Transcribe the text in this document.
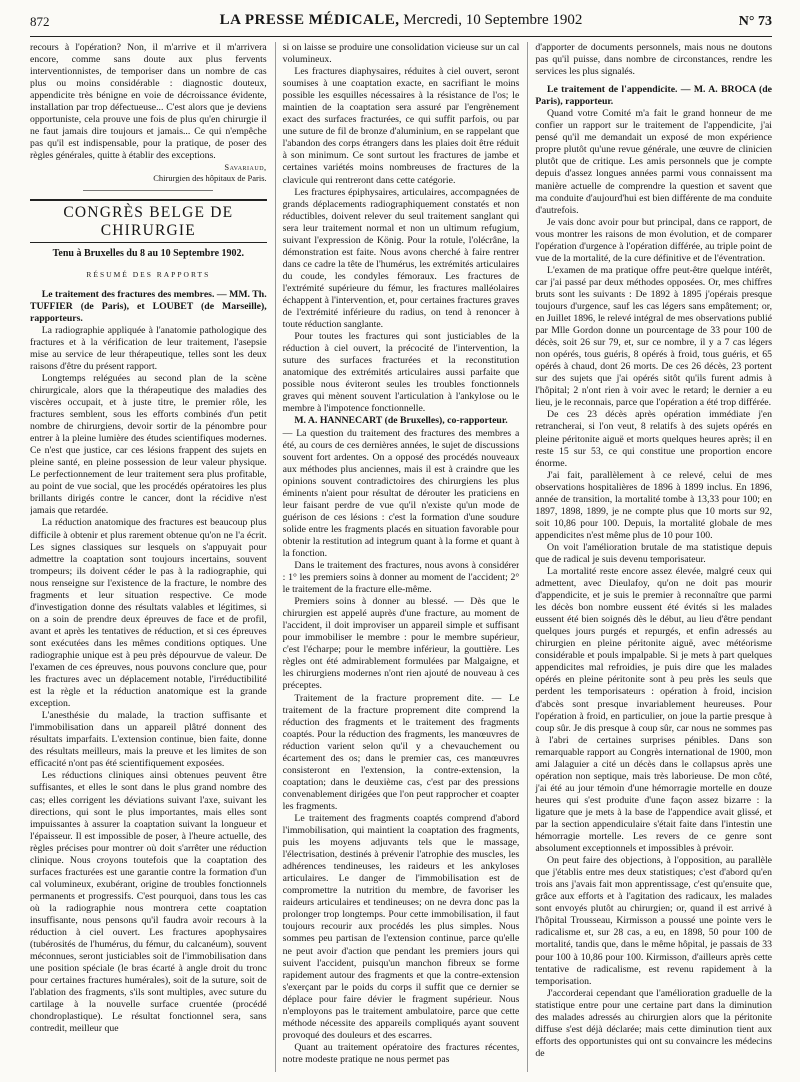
872	LA PRESSE MÉDICALE, Mercredi, 10 Septembre 1902	N° 73

recours à l'opération? Non, il m'arrive et il m'arrivera encore, comme sans doute aux plus fervents interventionnistes, de temporiser dans un nombre de cas plus ou moins considérable : diagnostic douteux, appendicite très bénigne en voie de décroissance évidente, installation par trop défectueuse... C'est alors que je deviens opportuniste, cela prouve une fois de plus qu'en chirurgie il ne faut jamais dire toujours et jamais... Ce qui n'empêche pas qu'il est indispensable, pour la pratique, de poser des règles générales, quitte à établir des exceptions.

Savariaud,
Chirurgien des hôpitaux de Paris.
CONGRÈS BELGE DE CHIRURGIE
Tenu à Bruxelles du 8 au 10 Septembre 1902.
RÉSUMÉ DES RAPPORTS

Le traitement des fractures des membres. — MM. Th. TUFFIER (de Paris), et LOUBET (de Marseille), rapporteurs.

La radiographie appliquée à l'anatomie pathologique des fractures et à la vérification de leur traitement, l'asepsie mise au service de leur thérapeutique, telles sont les deux raisons d'être du présent rapport.

Longtemps reléguées au second plan de la scène chirurgicale, alors que la thérapeutique des maladies des viscères occupait, et à juste titre, le premier rôle, les fractures semblent, sous les efforts combinés d'un petit nombre de chirurgiens, devoir sortir de la pénombre pour entrer à la pleine lumière des études scientifiques modernes. Ce n'est que justice, car ces lésions frappent des sujets en pleine santé, en pleine possession de leur valeur physique. Le perfectionnement de leur traitement sera plus profitable, au point de vue social, que les procédés opératoires les plus brillants dirigés contre le cancer, dont la récidive n'est jamais que retardée.

La réduction anatomique des fractures est beaucoup plus difficile à obtenir et plus rarement obtenue qu'on ne l'a écrit. Les signes classiques sur lesquels on s'appuyait pour admettre la coaptation sont toujours incertains, souvent trompeurs; ils doivent céder le pas à la radiographie, qui nous renseigne sur l'existence de la fracture, le nombre des fragments et leur situation respective. Ce mode d'investigation donne des résultats valables et légitimes, si on a soin de prendre deux épreuves de face et de profil, avant et après les tentatives de réduction, et si ces épreuves sont exécutées dans les mêmes conditions optiques. Une radiographie unique est à peu près dépourvue de valeur. De l'examen de ces épreuves, nous pouvons conclure que, pour les fractures avec un déplacement notable, l'irréductibilité est la règle et la réduction anatomique est la grande exception.

L'anesthésie du malade, la traction suffisante et l'immobilisation dans un appareil plâtré donnent des résultats imparfaits. L'extension continue, bien faite, donne des résultats meilleurs, mais la preuve et les limites de son efficacité n'ont pas été scientifiquement exposées.

Les réductions cliniques ainsi obtenues peuvent être suffisantes, et elles le sont dans le plus grand nombre des cas; elles corrigent les déviations suivant l'axe, suivant les directions, qui sont le plus importantes, mais elles sont impuissantes à assurer la coaptation suivant la longueur et l'épaisseur. Il est impossible de poser, à l'heure actuelle, des règles précises pour montrer où doit s'arrêter une réduction clinique. Nous croyons toutefois que la coaptation des surfaces fracturées est une garantie contre la formation d'un cal volumineux, exubérant, origine de troubles fonctionnels permanents et progressifs. C'est pourquoi, dans tous les cas où la radiographie nous montrera cette coaptation insuffisante, nous pensons qu'il faudra avoir recours à la réduction à ciel ouvert. Les fractures apophysaires (tubérosités de l'humérus, du fémur, du calcanéum), souvent méconnues, seront justiciables soit de l'immobilisation dans une position spéciale (le bras écarté à angle droit du tronc pour certaines fractures humérales), soit de la suture, soit de l'ablation des fragments, s'ils sont multiples, avec suture du cartilage à la nouvelle surface cruentée (procédé chondroplastique). Le résultat fonctionnel sera, sans contredit, meilleur que

si on laisse se produire une consolidation vicieuse sur un cal volumineux.

Les fractures diaphysaires, réduites à ciel ouvert, seront soumises à une coaptation exacte, en sacrifiant le moins possible les esquilles nécessaires à la résistance de l'os; le maintien de la coaptation sera assuré par l'engrènement exact des surfaces fracturées, ce qui suffit parfois, ou par une suture de fil de bronze d'aluminium, en se rappelant que l'abandon des corps étrangers dans les plaies doit être réduit à son minimum. Ce sont surtout les fractures de jambe et certaines variétés moins nombreuses de fractures de la clavicule qui rentreront dans cette catégorie.

Les fractures épiphysaires, articulaires, accompagnées de grands déplacements radiographiquement constatés et non réductibles, doivent relever du seul traitement sanglant qui sera leur traitement normal et non un ultimum refugium, suivant l'expression de König. Pour la rotule, l'olécrâne, la démonstration est faite. Nous avons cherché à faire rentrer dans ce cadre la tête de l'humérus, les extrémités articulaires du coude, les condyles fémoraux. Les fractures de l'extrémité supérieure du fémur, les fractures malléolaires échappent à l'intervention, et, pour certaines fractures graves de l'extrémité inférieure du radius, on tend à renoncer à toute réduction sanglante.

Pour toutes les fractures qui sont justiciables de la réduction à ciel ouvert, la précocité de l'intervention, la suture des surfaces fracturées et la reconstitution anatomique des extrémités articulaires aussi parfaite que possible nous éviteront seules les troubles fonctionnels graves qui mènent souvent l'articulation à l'ankylose ou le membre à l'impotence fonctionnelle.

M. A. HANNECART (de Bruxelles), co-rapporteur.

— La question du traitement des fractures des membres a été, au cours de ces dernières années, le sujet de discussions souvent fort ardentes. On a opposé des procédés nouveaux aux méthodes plus anciennes, mais il est à craindre que les opinions souvent contradictoires des chirurgiens les plus éminents n'aient pour résultat de dérouter les praticiens en leur faisant perdre de vue qu'il n'existe qu'un mode de guérison de ces lésions : c'est la formation d'une soudure solide entre les fragments placés en situation favorable pour obtenir la restitution ad integrum quant à la forme et quant à la fonction.

Dans le traitement des fractures, nous avons à considérer : 1° les premiers soins à donner au moment de l'accident; 2° le traitement de la fracture elle-même.

Premiers soins à donner au blessé. — Dès que le chirurgien est appelé auprès d'une fracture, au moment de l'accident, il doit improviser un appareil simple et suffisant pour immobiliser le membre : pour le membre supérieur, c'est l'écharpe; pour le membre inférieur, la gouttière. Les règles ont été admirablement formulées par Malgaigne, et les chirurgiens modernes n'ont rien ajouté de nouveau à ces préceptes.

Traitement de la fracture proprement dite. — Le traitement de la fracture proprement dite comprend la réduction des fragments et le traitement des fragments coaptés. Pour la réduction des fragments, les manœuvres de réduction varient selon qu'il y a chevauchement ou écartement des os; dans le premier cas, ces manœuvres consisteront en l'extension, la contre-extension, la coaptation; dans le deuxième cas, c'est par des pressions convenablement dirigées que l'on peut rapprocher et coapter les fragments.

Le traitement des fragments coaptés comprend d'abord l'immobilisation, qui maintient la coaptation des fragments, puis les moyens adjuvants tels que le massage, l'électrisation, destinés à prévenir l'atrophie des muscles, les adhérences tendineuses, les raideurs et les ankyloses articulaires. Le danger de l'immobilisation est de compromettre la nutrition du membre, de favoriser les raideurs articulaires et tendineuses; on ne devra donc pas la prolonger trop longtemps. Pour cette immobilisation, il faut toujours recourir aux procédés les plus simples. Nous sommes peu partisan de l'extension continue, parce qu'elle ne peut avoir d'action que pendant les premiers jours qui suivent l'accident, puisqu'un manchon fibreux se forme rapidement autour des fragments et que la contre-extension s'exerçant par le poids du corps il suffit que ce dernier se déplace pour faire dévier le fragment supérieur. Nous n'employons pas le traitement ambulatoire, parce que cette méthode nécessite des appareils compliqués ayant souvent provoqué des douleurs et des escarres.

Quant au traitement opératoire des fractures récentes, notre modeste pratique ne nous permet pas

d'apporter de documents personnels, mais nous ne doutons pas qu'il puisse, dans nombre de circonstances, rendre les services les plus signalés.

Le traitement de l'appendicite. — M. A. BROCA (de Paris), rapporteur.

Quand votre Comité m'a fait le grand honneur de me confier un rapport sur le traitement de l'appendicite, j'ai pensé qu'il me demandait un exposé de mon expérience propre plutôt qu'une revue générale, une œuvre de clinicien plutôt que de critique. Les amis personnels que je compte depuis d'assez longues années parmi vous connaissent ma manière actuelle de comprendre la question et savent que ma conduite d'aujourd'hui est bien différente de ma conduite d'autrefois.

Je vais donc avoir pour but principal, dans ce rapport, de vous montrer les raisons de mon évolution, et de comparer l'opération d'urgence à l'opération différée, au triple point de vue de la mortalité, de la cure définitive et de l'éventration.

L'examen de ma pratique offre peut-être quelque intérêt, car j'ai passé par deux méthodes opposées. Or, mes chiffres bruts sont les suivants : De 1892 à 1895 j'opérais presque toujours d'urgence, sauf les cas légers sans empâtement; or, en Juillet 1896, le relevé intégral de mes observations publié par Mlle Gordon donne un pourcentage de 33 pour 100 de décès, soit 26 sur 79, et, sur ce nombre, il y a 7 cas légers non opérés, tous guéris, 8 opérés à froid, tous guéris, et 65 opérés à chaud, dont 26 morts. De ces 26 décès, 23 portent sur des sujets que j'ai opérés sitôt qu'ils furent admis à l'hôpital; 2 n'ont rien à voir avec le retard; le dernier a eu lieu, je le reconnais, parce que l'opération a été trop différée.

De ces 23 décès après opération immédiate j'en retrancherai, si l'on veut, 8 relatifs à des sujets opérés en pleine péritonite aiguë et morts quelques heures après; il en reste 15 sur 53, ce qui constitue une proportion encore énorme.

J'ai fait, parallèlement à ce relevé, celui de mes observations hospitalières de 1896 à 1899 inclus. En 1896, année de transition, la mortalité tombe à 13,33 pour 100; en 1897, 1898, 1899, je ne compte plus que 10 morts sur 92, soit 10,86 pour 100. Depuis, la mortalité globale de mes appendicites n'est même plus de 10 pour 100.

On voit l'amélioration brutale de ma statistique depuis que de radical je suis devenu temporisateur.

La mortalité reste encore assez élevée, malgré ceux qui admettent, avec Dieulafoy, qu'on ne doit pas mourir d'appendicite, et je suis le premier à reconnaître que parmi les décès bon nombre eussent été évités si les malades eussent été bien soignés dès le début, au lieu d'être pendant quelques jours purgés et repurgés, et enfin adressés au chirurgien en pleine péritonite aiguë, avec météorisme considérable et pouls impalpable. Si je mets à part quelques appendicites mal refroidies, je puis dire que les malades opérés en pleine péritonite sont à peu près les seuls que perdent les temporisateurs : opération à froid, incision d'abcès sont presque invariablement heureuses. Pour l'opération à froid, en particulier, on joue la partie presque à coup sûr. Je dis presque à coup sûr, car nous ne sommes pas à l'abri de certaines surprises pénibles. Dans son remarquable rapport au Congrès international de 1900, mon ami Jalaguier a cité un décès dans le collapsus après une opération non septique, mais très laborieuse. De mon côté, j'ai été au jour témoin d'une hémorragie mortelle en douze heures qui s'est produite d'une façon assez bizarre : la ligature que je mets à la base de l'appendice avait glissé, et par la section appendiculaire s'était faite dans l'intestin une hémorragie mortelle. Les revers de ce genre sont absolument exceptionnels et impossibles à prévoir.

On peut faire des objections, à l'opposition, au parallèle que j'établis entre mes deux statistiques; c'est d'abord qu'en trois ans j'avais fait mon apprentissage, c'est qu'ensuite que, grâce aux efforts et à l'agitation des radicaux, les malades sont envoyés plutôt au chirurgien; or, quand il est arrivé à l'hôpital Trousseau, Kirmisson a poussé une pointe vers le radicalisme et, sur 28 cas, a eu, en 1898, 50 pour 100 de mortalité, tandis que, dans le même hôpital, je passais de 33 pour 100 à 10,86 pour 100. Kirmisson, d'ailleurs après cette tentative de radicalisme, est revenu rapidement à la temporisation.

J'accorderai cependant que l'amélioration graduelle de la statistique entre pour une certaine part dans la diminution des malades adressés au chirurgien alors que la péritonite diffuse s'est déjà déclarée; mais cette diminution tient aux efforts des opportunistes qui ont su convaincre les médecins de
